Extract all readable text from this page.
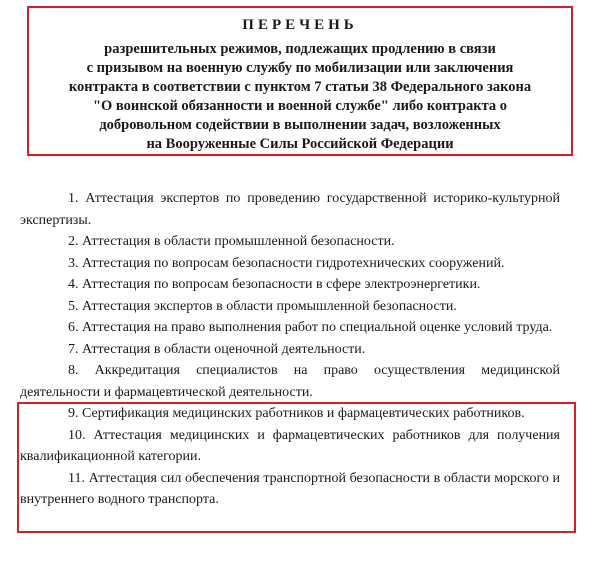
ПЕРЕЧЕНЬ
разрешительных режимов, подлежащих продлению в связи
с призывом на военную службу по мобилизации или заключения
контракта в соответствии с пунктом 7 статьи 38 Федерального закона
"О воинской обязанности и военной службе" либо контракта о
добровольном содействии в выполнении задач, возложенных
на Вооруженные Силы Российской Федерации

1. Аттестация экспертов по проведению государственной историко-культурной экспертизы.

2. Аттестация в области промышленной безопасности.

3. Аттестация по вопросам безопасности гидротехнических сооружений.

4. Аттестация по вопросам безопасности в сфере электроэнергетики.

5. Аттестация экспертов в области промышленной безопасности.

6. Аттестация на право выполнения работ по специальной оценке условий труда.

7. Аттестация в области оценочной деятельности.

8. Аккредитация специалистов на право осуществления медицинской деятельности и фармацевтической деятельности.

9. Сертификация медицинских работников и фармацевтических работников.

10. Аттестация медицинских и фармацевтических работников для получения квалификационной категории.

11. Аттестация сил обеспечения транспортной безопасности в области морского и внутреннего водного транспорта.
